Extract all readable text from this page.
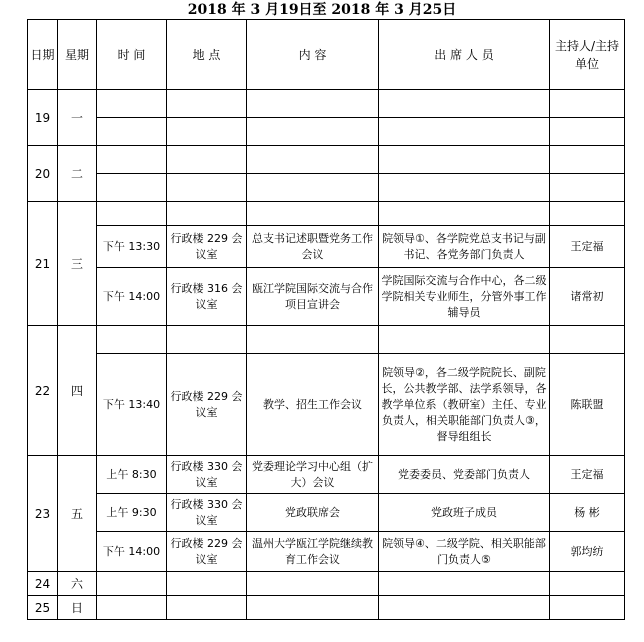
2018 年 3 月19日至 2018 年 3 月25日
日期	星期	时 间	地 点	内 容	出 席 人 员	主持人/主持单位
19	一					

20	二					

21	三					
		下午 13:30	行政楼 229 会议室	总支书记述职暨党务工作会议	院领导①、各学院党总支书记与副书记、各党务部门负责人	王定福
		下午 14:00	行政楼 316 会议室	瓯江学院国际交流与合作项目宣讲会	学院国际交流与合作中心，各二级学院相关专业师生，分管外事工作辅导员	诸常初
22	四					
		下午 13:40	行政楼 229 会议室	教学、招生工作会议	院领导②，各二级学院院长、副院长，公共教学部、法学系领导，各教学单位系（教研室）主任、专业负责人，相关职能部门负责人③，督导组组长	陈联盟
23	五	上午 8:30	行政楼 330 会议室	党委理论学习中心组（扩大）会议	党委委员、党委部门负责人	王定福
		上午 9:30	行政楼 330 会议室	党政联席会	党政班子成员	杨 彬
		下午 14:00	行政楼 229 会议室	温州大学瓯江学院继续教育工作会议	院领导④、二级学院、相关职能部门负责人⑤	郭均纺
24	六					
25	日					
